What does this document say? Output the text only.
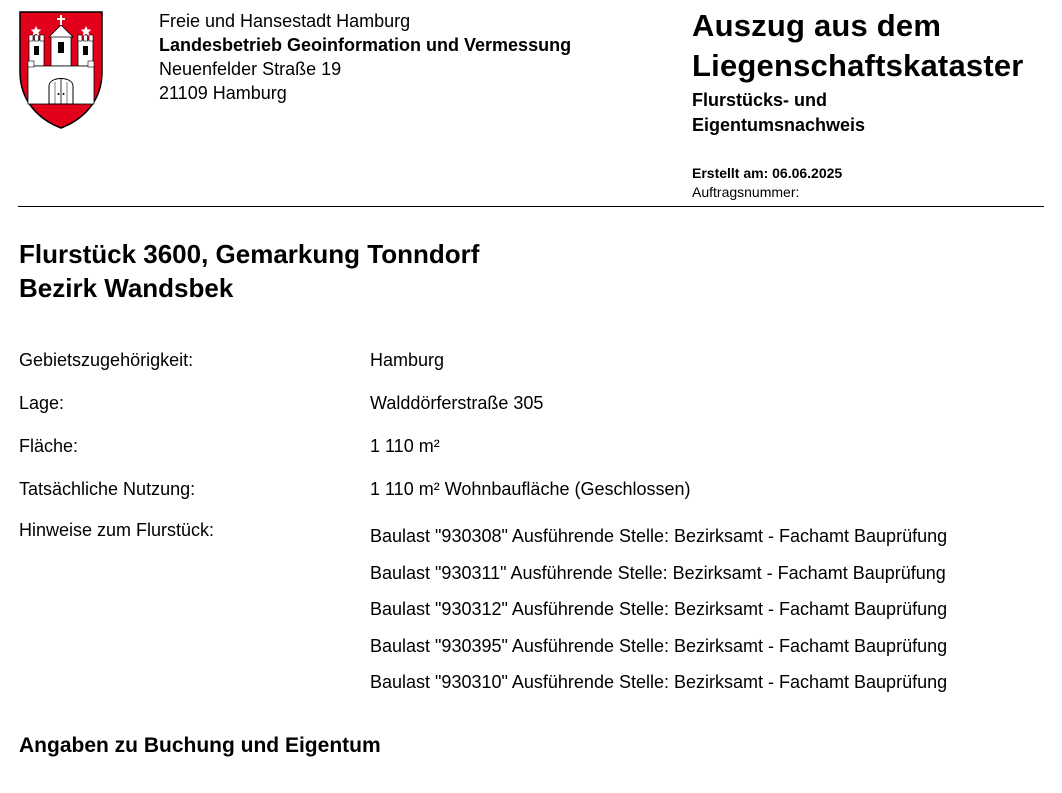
Freie und Hansestadt Hamburg
Landesbetrieb Geoinformation und Vermessung
Neuenfelder Straße 19
21109 Hamburg
Auszug aus dem
Liegenschaftskataster
Flurstücks- und
Eigentumsnachweis
Erstellt am: 06.06.2025
Auftragsnummer:
Flurstück 3600, Gemarkung Tonndorf
Bezirk Wandsbek
Gebietszugehörigkeit:	Hamburg
Lage:	Walddörferstraße 305
Fläche:	1 110 m²
Tatsächliche Nutzung:	1 110 m² Wohnbaufläche (Geschlossen)
Hinweise zum Flurstück:	Baulast "930308" Ausführende Stelle: Bezirksamt - Fachamt Bauprüfung
Baulast "930311" Ausführende Stelle: Bezirksamt - Fachamt Bauprüfung
Baulast "930312" Ausführende Stelle: Bezirksamt - Fachamt Bauprüfung
Baulast "930395" Ausführende Stelle: Bezirksamt - Fachamt Bauprüfung
Baulast "930310" Ausführende Stelle: Bezirksamt - Fachamt Bauprüfung
Angaben zu Buchung und Eigentum
